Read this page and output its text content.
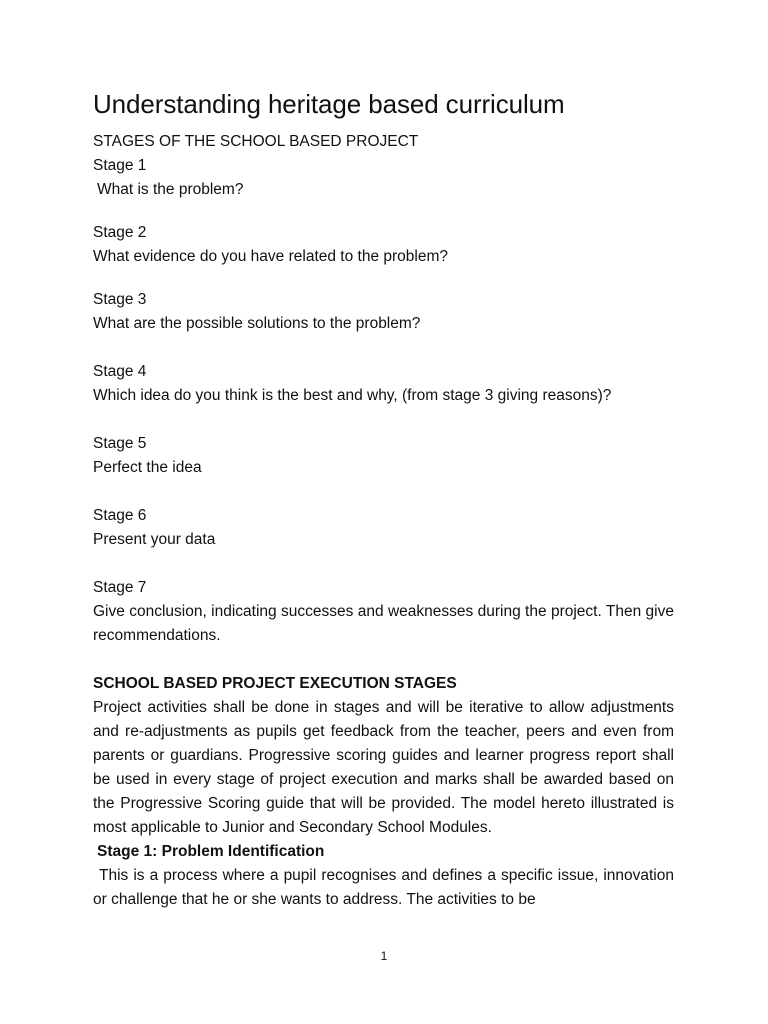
Understanding heritage based curriculum

STAGES OF THE SCHOOL BASED PROJECT

Stage 1

What is the problem?

Stage 2

What evidence do you have related to the problem?

Stage 3

What are the possible solutions to the problem?

Stage 4

Which idea do you think is the best and why, (from stage 3 giving reasons)?

Stage 5

Perfect the idea

Stage 6

Present your data

Stage 7

Give conclusion, indicating successes and weaknesses during the project. Then give recommendations.

SCHOOL BASED PROJECT EXECUTION STAGES

Project activities shall be done in stages and will be iterative to allow adjustments and re-adjustments as pupils get feedback from the teacher, peers and even from parents or guardians. Progressive scoring guides and learner progress report shall be used in every stage of project execution and marks shall be awarded based on the Progressive Scoring guide that will be provided. The model hereto illustrated is most applicable to Junior and Secondary School Modules.

Stage 1: Problem Identification

This is a process where a pupil recognises and defines a specific issue, innovation or challenge that he or she wants to address. The activities to be

1
